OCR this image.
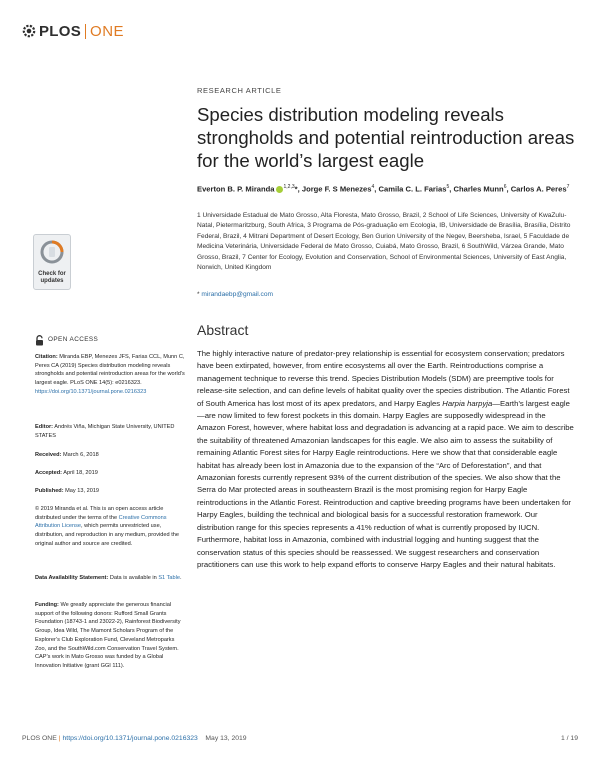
PLOS ONE
RESEARCH ARTICLE
Species distribution modeling reveals strongholds and potential reintroduction areas for the world’s largest eagle
Everton B. P. Miranda $^{1,2,3}$*, Jorge F. S Menezes$^4$, Camila C. L. Farias$^5$, Charles Munn$^6$, Carlos A. Peres$^7$
1 Universidade Estadual de Mato Grosso, Alta Floresta, Mato Grosso, Brazil, 2 School of Life Sciences, University of KwaZulu-Natal, Pietermaritzburg, South Africa, 3 Programa de Pós-graduação em Ecologia, IB, Universidade de Brasília, Brasília, Distrito Federal, Brazil, 4 Mitrani Department of Desert Ecology, Ben Gurion University of the Negev, Beersheba, Israel, 5 Faculdade de Medicina Veterinária, Universidade Federal de Mato Grosso, Cuiabá, Mato Grosso, Brazil, 6 SouthWild, Várzea Grande, Mato Grosso, Brazil, 7 Center for Ecology, Evolution and Conservation, School of Environmental Sciences, University of East Anglia, Norwich, United Kingdom
* mirandaebp@gmail.com
Abstract

The highly interactive nature of predator-prey relationship is essential for ecosystem conservation; predators have been extirpated, however, from entire ecosystems all over the Earth. Reintroductions comprise a management technique to reverse this trend. Species Distribution Models (SDM) are preemptive tools for release-site selection, and can define levels of habitat quality over the species distribution. The Atlantic Forest of South America has lost most of its apex predators, and Harpy Eagles Harpia harpyja—Earth’s largest eagle—are now limited to few forest pockets in this domain. Harpy Eagles are supposedly widespread in the Amazon Forest, however, where habitat loss and degradation is advancing at a rapid pace. We aim to describe the suitability of threatened Amazonian landscapes for this eagle. We also aim to assess the suitability of remaining Atlantic Forest sites for Harpy Eagle reintroductions. Here we show that that considerable eagle habitat has already been lost in Amazonia due to the expansion of the “Arc of Deforestation”, and that Amazonian forests currently represent 93% of the current distribution of the species. We also show that the Serra do Mar protected areas in southeastern Brazil is the most promising region for Harpy Eagle reintroductions in the Atlantic Forest. Reintroduction and captive breeding programs have been undertaken for Harpy Eagles, building the technical and biological basis for a successful restoration framework. Our distribution range for this species represents a 41% reduction of what is currently proposed by IUCN. Furthermore, habitat loss in Amazonia, combined with industrial logging and hunting suggest that the conservation status of this species should be reassessed. We suggest researchers and conservation practitioners can use this work to help expand efforts to conserve Harpy Eagles and their natural habitats.

Check for
updates
OPEN ACCESS
Citation: Miranda EBP, Menezes JFS, Farias CCL, Munn C, Peres CA (2019) Species distribution modeling reveals strongholds and potential reintroduction areas for the world’s largest eagle. PLoS ONE 14(5): e0216323. https://doi.org/10.1371/journal.pone.0216323
Editor: Andrés Viña, Michigan State University, UNITED STATES
Received: March 6, 2018
Accepted: April 18, 2019
Published: May 13, 2019
© 2019 Miranda et al. This is an open access article distributed under the terms of the Creative Commons Attribution License, which permits unrestricted use, distribution, and reproduction in any medium, provided the original author and source are credited.
Data Availability Statement: Data is available in S1 Table.
Funding: We greatly appreciate the generous financial support of the following donors: Rufford Small Grants Foundation (18743-1 and 23022-2), Rainforest Biodiversity Group, Idea Wild, The Mamont Scholars Program of the Explorer’s Club Exploration Fund, Cleveland Metroparks Zoo, and the SouthWild.com Conservation Travel System. CAP’s work in Mato Grosso was funded by a Global Innovation Initiative (grant GGI 111).
PLOS ONE | https://doi.org/10.1371/journal.pone.0216323 May 13, 2019	1 / 19
